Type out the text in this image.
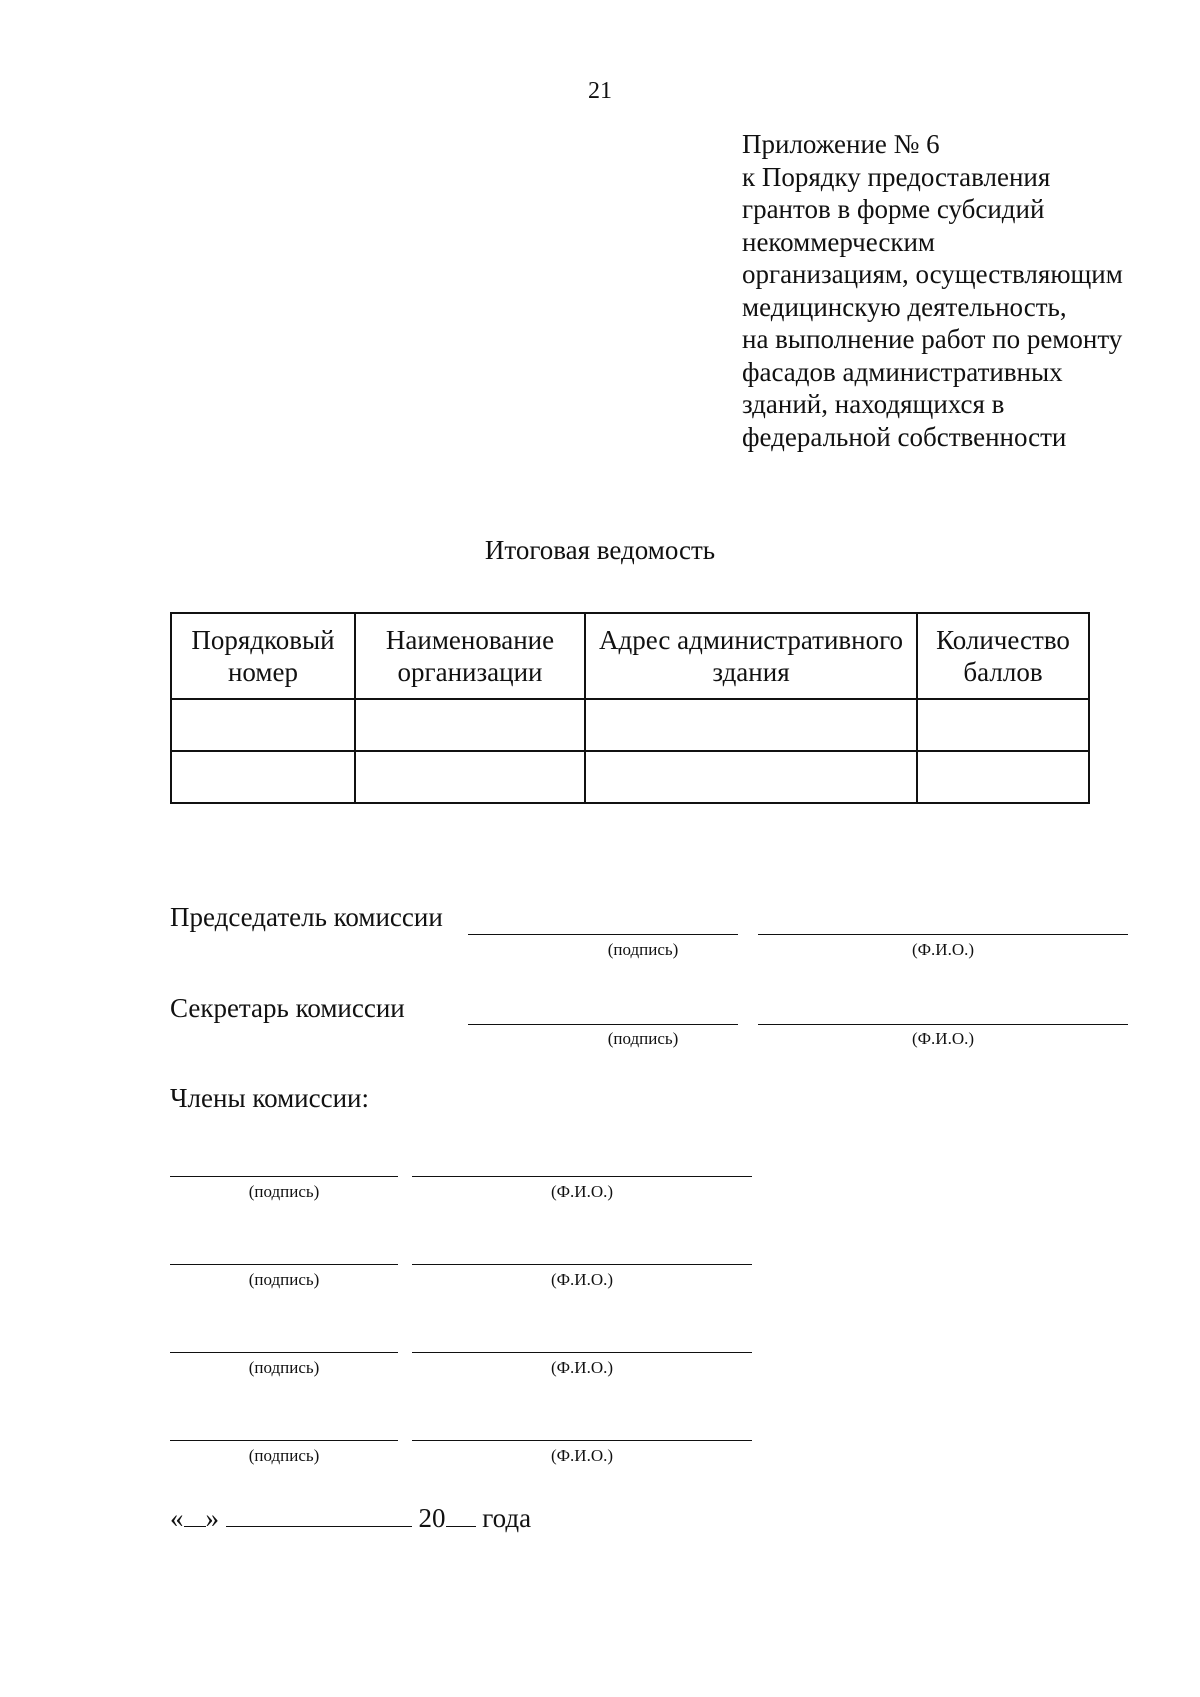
21
Приложение № 6
к Порядку предоставления
грантов в форме субсидий
некоммерческим
организациям, осуществляющим
медицинскую деятельность,
на выполнение работ по ремонту
фасадов административных
зданий, находящихся в
федеральной собственности
Итоговая ведомость
Порядковый номер	Наименование организации	Адрес административного здания	Количество баллов

Председатель комиссии
(подпись)	(Ф.И.О.)
Секретарь комиссии
(подпись)	(Ф.И.О.)
Члены комиссии:
(подпись)	(Ф.И.О.)
(подпись)	(Ф.И.О.)
(подпись)	(Ф.И.О.)
(подпись)	(Ф.И.О.)
« »	20 года
